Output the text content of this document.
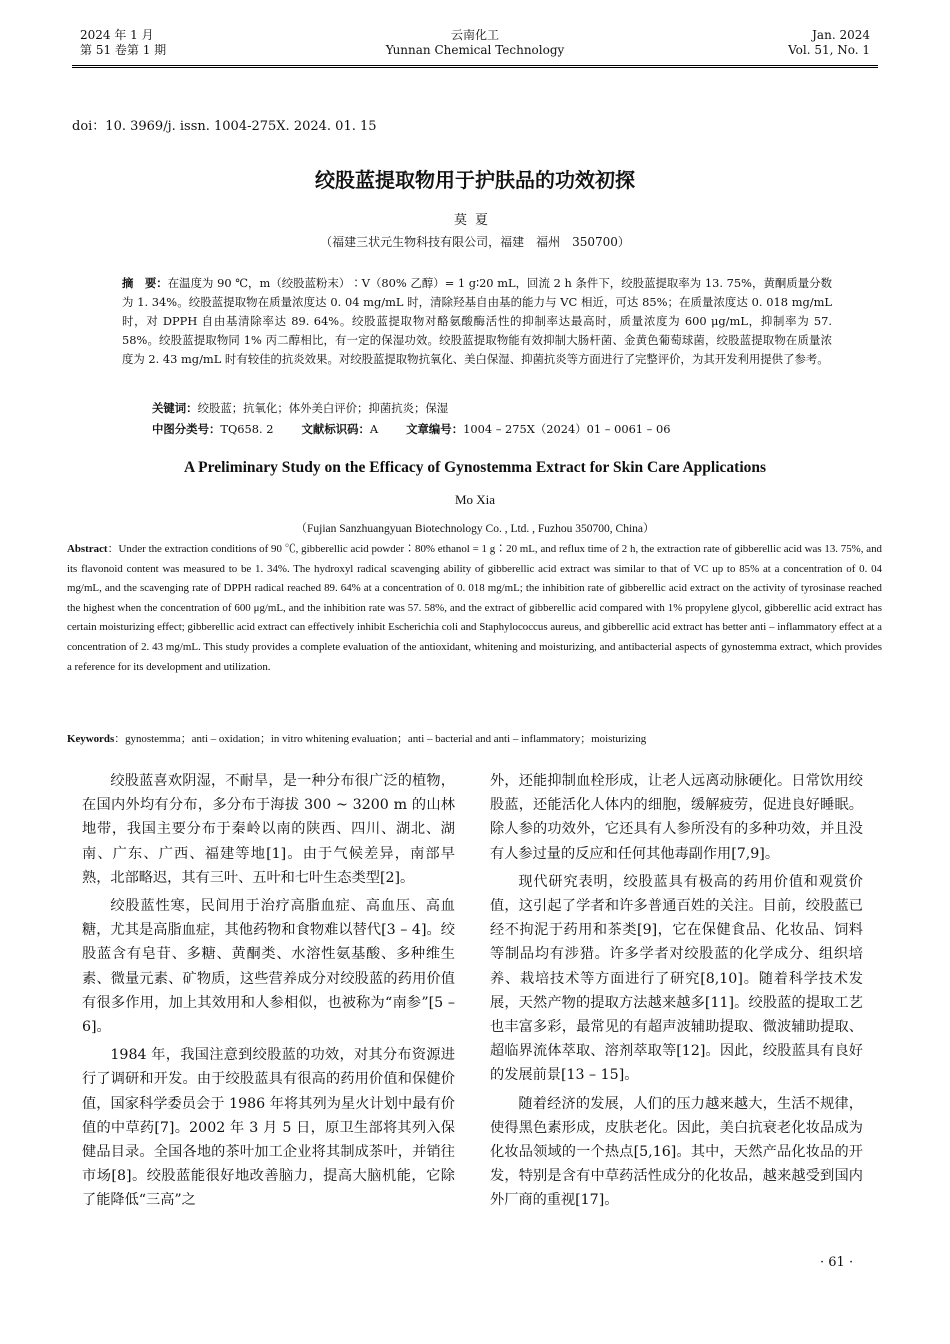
2024 年 1 月
第 51 卷第 1 期
云南化工
Yunnan Chemical Technology
Jan. 2024
Vol. 51, No. 1
doi：10. 3969/j. issn. 1004-275X. 2024. 01. 15
绞股蓝提取物用于护肤品的功效初探
莫夏
（福建三状元生物科技有限公司，福建　福州　350700）
摘　要：在温度为 90 ℃，m（绞股蓝粉末）∶V（80% 乙醇）= 1 g∶20 mL，回流 2 h 条件下，绞股蓝提取率为 13. 75%，黄酮质量分数为 1. 34%。绞股蓝提取物在质量浓度达 0. 04 mg/mL 时，清除羟基自由基的能力与 VC 相近，可达 85%；在质量浓度达 0. 018 mg/mL 时，对 DPPH 自由基清除率达 89. 64%。绞股蓝提取物对酪氨酸酶活性的抑制率达最高时，质量浓度为 600 μg/mL，抑制率为 57. 58%。绞股蓝提取物同 1% 丙二醇相比，有一定的保湿功效。绞股蓝提取物能有效抑制大肠杆菌、金黄色葡萄球菌，绞股蓝提取物在质量浓度为 2. 43 mg/mL 时有较佳的抗炎效果。对绞股蓝提取物抗氧化、美白保湿、抑菌抗炎等方面进行了完整评价，为其开发利用提供了参考。
关键词：绞股蓝；抗氧化；体外美白评价；抑菌抗炎；保湿
中图分类号：TQ658. 2 文献标识码：A 文章编号：1004 – 275X（2024）01 – 0061 – 06
A Preliminary Study on the Efficacy of Gynostemma Extract for Skin Care Applications
Mo Xia
（Fujian Sanzhuangyuan Biotechnology Co. , Ltd. , Fuzhou 350700, China）
Abstract：Under the extraction conditions of 90 ℃, gibberellic acid powder∶80% ethanol = 1 g∶20 mL, and reflux time of 2 h, the extraction rate of gibberellic acid was 13. 75%, and its flavonoid content was measured to be 1. 34%. The hydroxyl radical scavenging ability of gibberellic acid extract was similar to that of VC up to 85% at a concentration of 0. 04 mg/mL, and the scavenging rate of DPPH radical reached 89. 64% at a concentration of 0. 018 mg/mL; the inhibition rate of gibberellic acid extract on the activity of tyrosinase reached the highest when the concentration of 600 μg/mL, and the inhibition rate was 57. 58%, and the extract of gibberellic acid compared with 1% propylene glycol, gibberellic acid extract has certain moisturizing effect; gibberellic acid extract can effectively inhibit Escherichia coli and Staphylococcus aureus, and gibberellic acid extract has better anti – inflammatory effect at a concentration of 2. 43 mg/mL. This study provides a complete evaluation of the antioxidant, whitening and moisturizing, and antibacterial aspects of gynostemma extract, which provides a reference for its development and utilization.
Keywords：gynostemma；anti – oxidation；in vitro whitening evaluation；anti – bacterial and anti – inflammatory；moisturizing

绞股蓝喜欢阴湿，不耐旱，是一种分布很广泛的植物，在国内外均有分布，多分布于海拔 300 ~ 3200 m 的山林地带，我国主要分布于秦岭以南的陕西、四川、湖北、湖南、广东、广西、福建等地[1]。由于气候差异，南部早熟，北部略迟，其有三叶、五叶和七叶生态类型[2]。

绞股蓝性寒，民间用于治疗高脂血症、高血压、高血糖，尤其是高脂血症，其他药物和食物难以替代[3 – 4]。绞股蓝含有皂苷、多糖、黄酮类、水溶性氨基酸、多种维生素、微量元素、矿物质，这些营养成分对绞股蓝的药用价值有很多作用，加上其效用和人参相似，也被称为“南参”[5 – 6]。

1984 年，我国注意到绞股蓝的功效，对其分布资源进行了调研和开发。由于绞股蓝具有很高的药用价值和保健价值，国家科学委员会于 1986 年将其列为星火计划中最有价值的中草药[7]。2002 年 3 月 5 日，原卫生部将其列入保健品目录。全国各地的茶叶加工企业将其制成茶叶，并销往市场[8]。绞股蓝能很好地改善脑力，提高大脑机能，它除了能降低“三高”之

外，还能抑制血栓形成，让老人远离动脉硬化。日常饮用绞股蓝，还能活化人体内的细胞，缓解疲劳，促进良好睡眠。除人参的功效外，它还具有人参所没有的多种功效，并且没有人参过量的反应和任何其他毒副作用[7,9]。

现代研究表明，绞股蓝具有极高的药用价值和观赏价值，这引起了学者和许多普通百姓的关注。目前，绞股蓝已经不拘泥于药用和茶类[9]，它在保健食品、化妆品、饲料等制品均有涉猎。许多学者对绞股蓝的化学成分、组织培养、栽培技术等方面进行了研究[8,10]。随着科学技术发展，天然产物的提取方法越来越多[11]。绞股蓝的提取工艺也丰富多彩，最常见的有超声波辅助提取、微波辅助提取、超临界流体萃取、溶剂萃取等[12]。因此，绞股蓝具有良好的发展前景[13 – 15]。

随着经济的发展，人们的压力越来越大，生活不规律，使得黑色素形成，皮肤老化。因此，美白抗衰老化妆品成为化妆品领域的一个热点[5,16]。其中，天然产品化妆品的开发，特别是含有中草药活性成分的化妆品，越来越受到国内外厂商的重视[17]。

· 61 ·
